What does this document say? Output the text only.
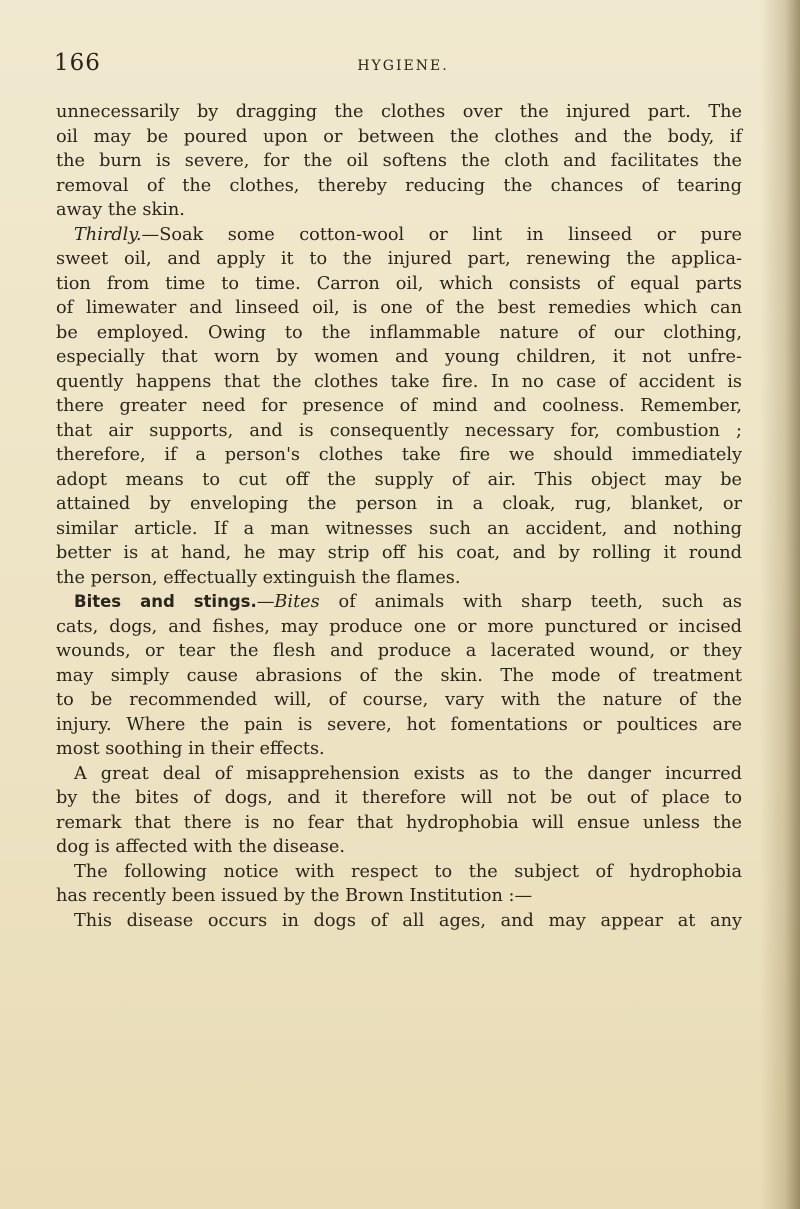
166	HYGIENE.
unnecessarily by dragging the clothes over the injured part. The
oil may be poured upon or between the clothes and the body, if
the burn is severe, for the oil softens the cloth and facilitates the
removal of the clothes, thereby reducing the chances of tearing
away the skin.
Thirdly.—Soak some cotton-wool or lint in linseed or pure
sweet oil, and apply it to the injured part, renewing the applica-
tion from time to time. Carron oil, which consists of equal parts
of limewater and linseed oil, is one of the best remedies which can
be employed. Owing to the inflammable nature of our clothing,
especially that worn by women and young children, it not unfre-
quently happens that the clothes take fire. In no case of accident is
there greater need for presence of mind and coolness. Remember,
that air supports, and is consequently necessary for, combustion ;
therefore, if a person's clothes take fire we should immediately
adopt means to cut off the supply of air. This object may be
attained by enveloping the person in a cloak, rug, blanket, or
similar article. If a man witnesses such an accident, and nothing
better is at hand, he may strip off his coat, and by rolling it round
the person, effectually extinguish the flames.
Bites and stings.—Bites of animals with sharp teeth, such as
cats, dogs, and fishes, may produce one or more punctured or incised
wounds, or tear the flesh and produce a lacerated wound, or they
may simply cause abrasions of the skin. The mode of treatment
to be recommended will, of course, vary with the nature of the
injury. Where the pain is severe, hot fomentations or poultices are
most soothing in their effects.
A great deal of misapprehension exists as to the danger incurred
by the bites of dogs, and it therefore will not be out of place to
remark that there is no fear that hydrophobia will ensue unless the
dog is affected with the disease.
The following notice with respect to the subject of hydrophobia
has recently been issued by the Brown Institution :—
This disease occurs in dogs of all ages, and may appear at any
